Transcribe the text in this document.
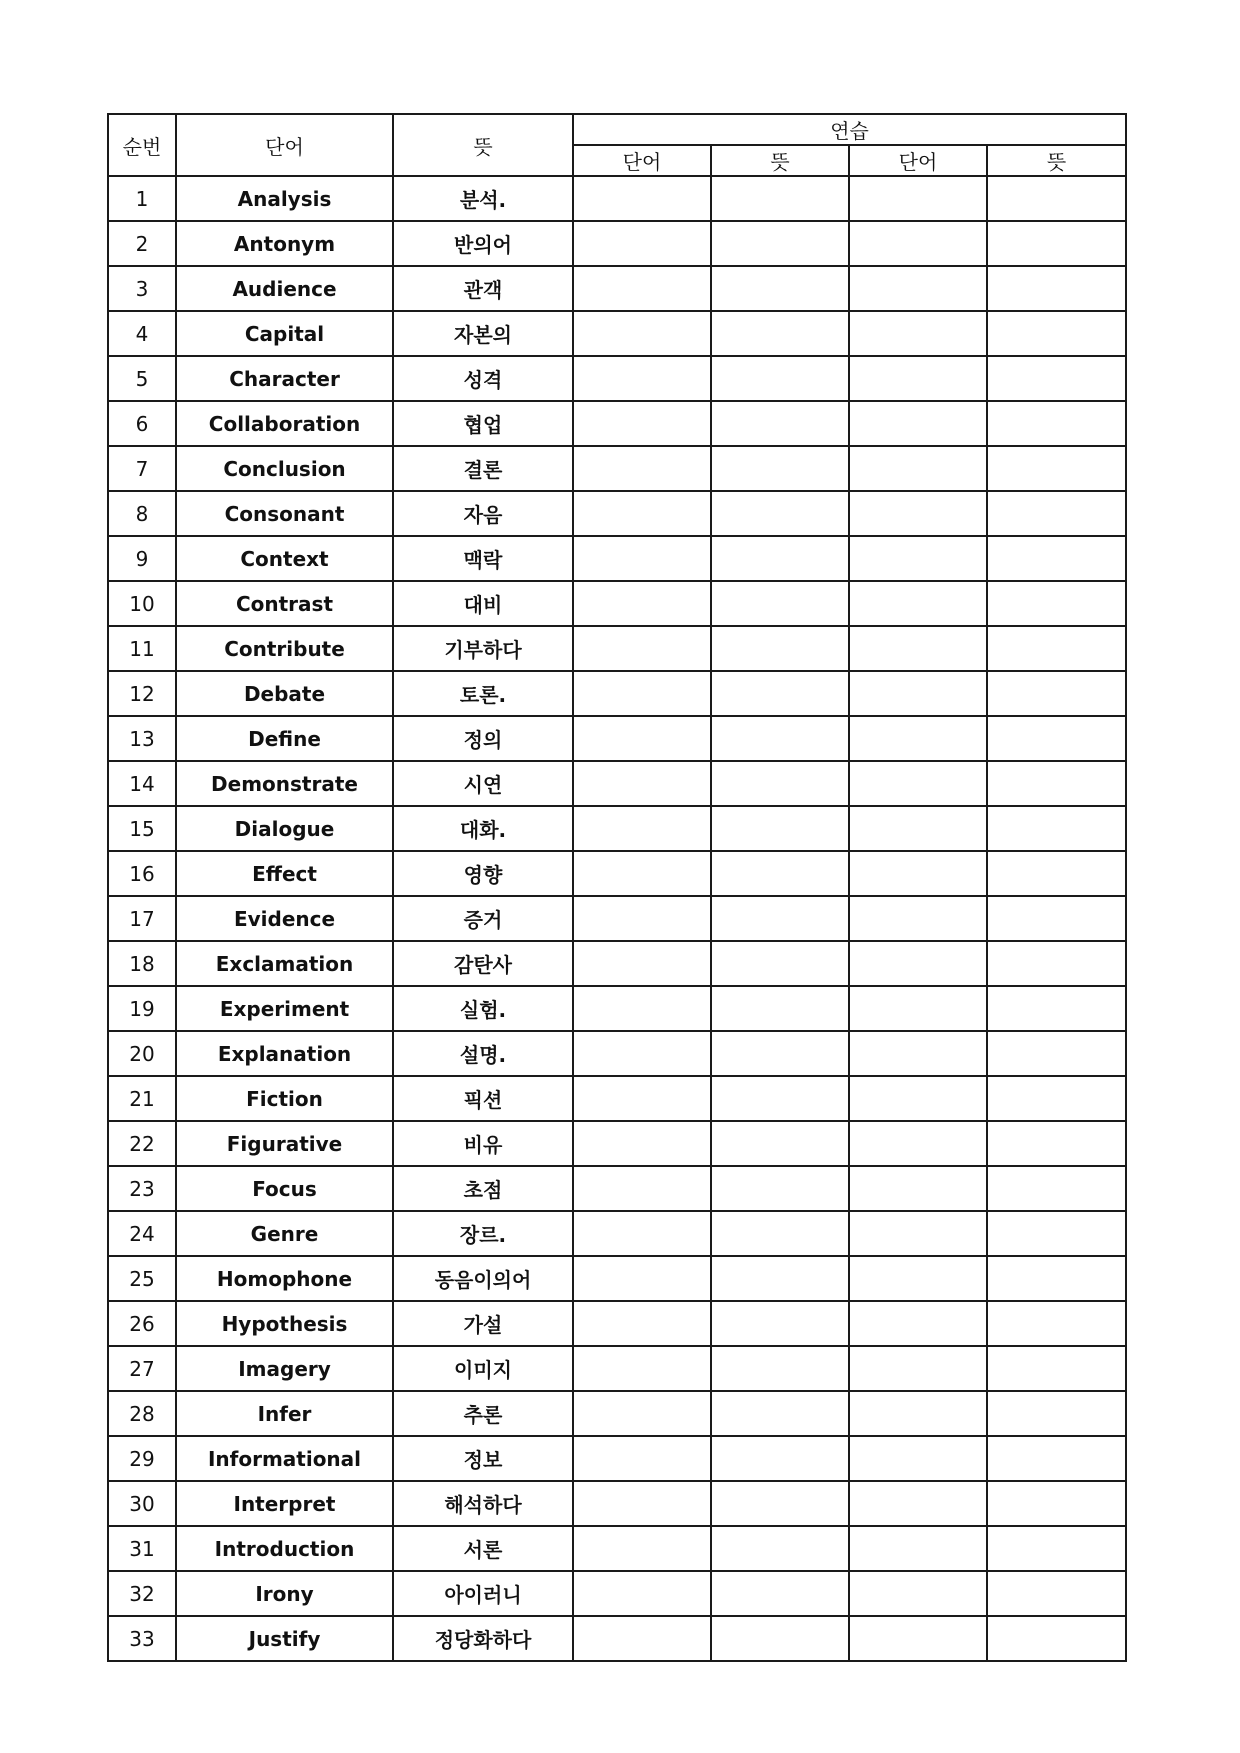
순번	단어	뜻	연습			
			단어	뜻	단어	뜻
1	Analysis	분석.				
2	Antonym	반의어				
3	Audience	관객				
4	Capital	자본의				
5	Character	성격				
6	Collaboration	협업				
7	Conclusion	결론				
8	Consonant	자음				
9	Context	맥락				
10	Contrast	대비				
11	Contribute	기부하다				
12	Debate	토론.				
13	Define	정의				
14	Demonstrate	시연				
15	Dialogue	대화.				
16	Effect	영향				
17	Evidence	증거				
18	Exclamation	감탄사				
19	Experiment	실험.				
20	Explanation	설명.				
21	Fiction	픽션				
22	Figurative	비유				
23	Focus	초점				
24	Genre	장르.				
25	Homophone	동음이의어				
26	Hypothesis	가설				
27	Imagery	이미지				
28	Infer	추론				
29	Informational	정보				
30	Interpret	해석하다				
31	Introduction	서론				
32	Irony	아이러니				
33	Justify	정당화하다				
